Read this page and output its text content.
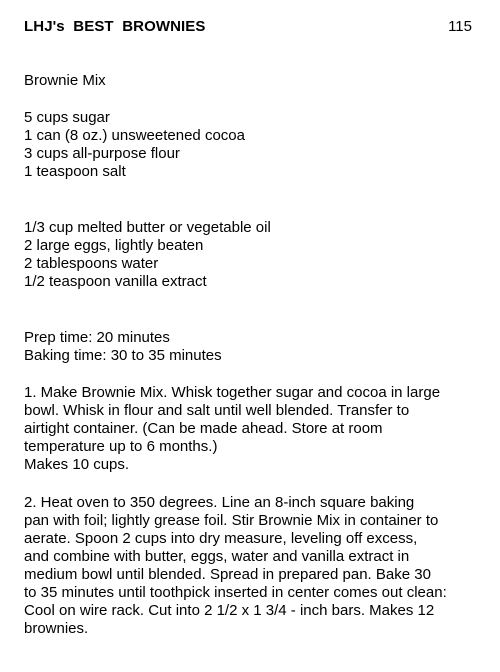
LHJ's  BEST  BROWNIES	115
Brownie Mix
5 cups sugar
1 can (8 oz.) unsweetened cocoa
3 cups all-purpose flour
1 teaspoon salt
1/3 cup melted butter or vegetable oil
2 large eggs, lightly beaten
2 tablespoons water
1/2 teaspoon vanilla extract
Prep time: 20 minutes
Baking time: 30 to 35 minutes
1. Make Brownie Mix. Whisk together sugar and cocoa in large
bowl. Whisk in flour and salt until well blended. Transfer to
airtight container. (Can be made ahead. Store at room
temperature up to 6 months.)
Makes 10 cups.
2. Heat oven to 350 degrees. Line an 8-inch square baking
pan with foil; lightly grease foil. Stir Brownie Mix in container to
aerate. Spoon 2 cups into dry measure, leveling off excess,
and combine with butter, eggs, water and vanilla extract in
medium bowl until blended. Spread in prepared pan. Bake 30
to 35 minutes until toothpick inserted in center comes out clean:
Cool on wire rack. Cut into 2 1/2 x 1 3/4 - inch bars. Makes 12
brownies.
